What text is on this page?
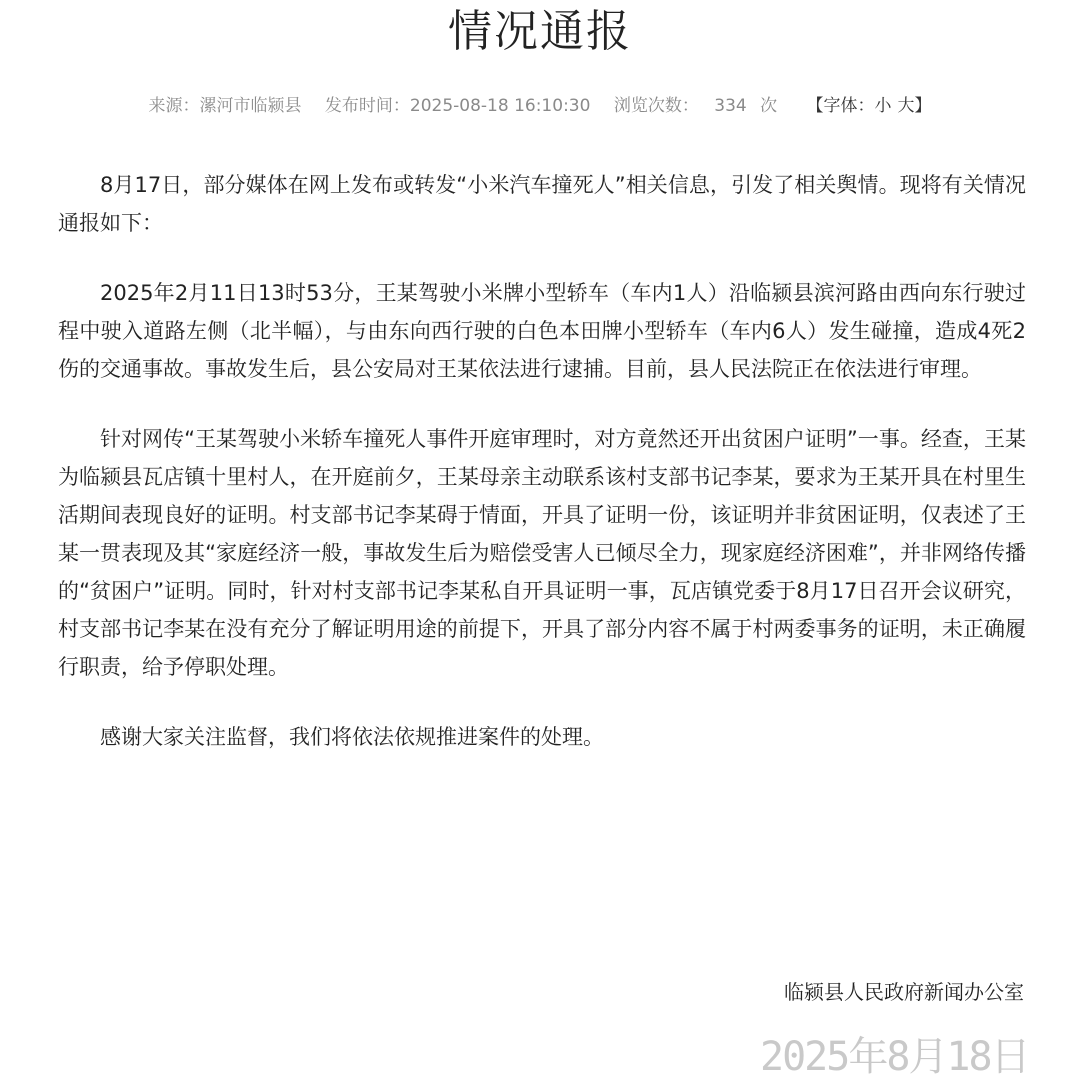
情况通报
来源：漯河市临颍县 发布时间：2025-08-18 16:10:30 浏览次数： 334 次 【字体：小 大】

8月17日，部分媒体在网上发布或转发“小米汽车撞死人”相关信息，引发了相关舆情。现将有关情况通报如下：

2025年2月11日13时53分，王某驾驶小米牌小型轿车（车内1人）沿临颍县滨河路由西向东行驶过程中驶入道路左侧（北半幅），与由东向西行驶的白色本田牌小型轿车（车内6人）发生碰撞，造成4死2伤的交通事故。事故发生后，县公安局对王某依法进行逮捕。目前，县人民法院正在依法进行审理。

针对网传“王某驾驶小米轿车撞死人事件开庭审理时，对方竟然还开出贫困户证明”一事。经查，王某为临颍县瓦店镇十里村人，在开庭前夕，王某母亲主动联系该村支部书记李某，要求为王某开具在村里生活期间表现良好的证明。村支部书记李某碍于情面，开具了证明一份，该证明并非贫困证明，仅表述了王某一贯表现及其“家庭经济一般，事故发生后为赔偿受害人已倾尽全力，现家庭经济困难”，并非网络传播的“贫困户”证明。同时，针对村支部书记李某私自开具证明一事，瓦店镇党委于8月17日召开会议研究，村支部书记李某在没有充分了解证明用途的前提下，开具了部分内容不属于村两委事务的证明，未正确履行职责，给予停职处理。

感谢大家关注监督，我们将依法依规推进案件的处理。

临颍县人民政府新闻办公室
2025年8月18日
